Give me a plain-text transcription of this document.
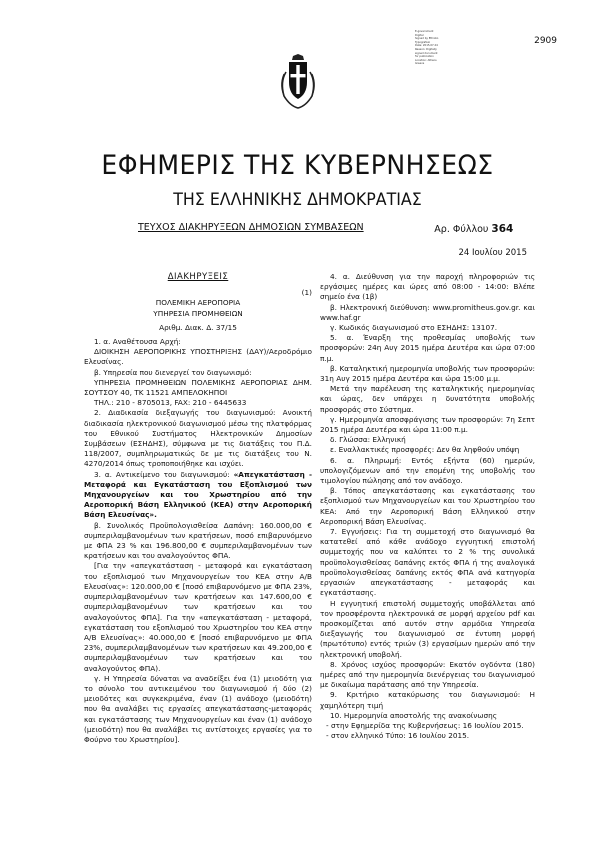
E-government
Digital
Signed by Ethniko
Typografeio
Date: 2015.07.24
Reason: Digitally
signed document
for publication
Location: Athens
Greece
2909
ΕΦΗΜΕΡΙΣ ΤΗΣ ΚΥΒΕΡΝΗΣΕΩΣ
ΤΗΣ ΕΛΛΗΝΙΚΗΣ ΔΗΜΟΚΡΑΤΙΑΣ
ΤΕΥΧΟΣ ΔΙΑΚΗΡΥΞΕΩΝ ΔΗΜΟΣΙΩΝ ΣΥΜΒΑΣΕΩΝ	Αρ. Φύλλου 364
24 Ιουλίου 2015

ΔΙΑΚΗΡΥΞΕΙΣ

(1)

ΠΟΛΕΜΙΚΗ ΑΕΡΟΠΟΡΙΑ

ΥΠΗΡΕΣΙΑ ΠΡΟΜΗΘΕΙΩΝ

Αριθμ. Διακ. Δ. 37/15

1. α. Αναθέτουσα Αρχή:

ΔΙΟΙΚΗΣΗ ΑΕΡΟΠΟΡΙΚΗΣ ΥΠΟΣΤΗΡΙΞΗΣ (ΔΑΥ)/Αεροδρόμιο Ελευσίνας.

β. Υπηρεσία που διενεργεί τον διαγωνισμό:

ΥΠΗΡΕΣΙΑ ΠΡΟΜΗΘΕΙΩΝ ΠΟΛΕΜΙΚΗΣ ΑΕΡΟΠΟΡΙΑΣ ΔΗΜ. ΣΟΥΤΣΟΥ 40, ΤΚ 11521 ΑΜΠΕΛΟΚΗΠΟΙ

ΤΗΛ.: 210 - 8705013, FAX: 210 - 6445633

2. Διαδικασία διεξαγωγής του διαγωνισμού: Ανοικτή διαδικασία ηλεκτρονικού διαγωνισμού μέσω της πλατφόρμας του Εθνικού Συστήματος Ηλεκτρονικών Δημοσίων Συμβάσεων (ΕΣΗΔΗΣ), σύμφωνα με τις διατάξεις του Π.Δ. 118/2007, συμπληρωματικώς δε με τις διατάξεις του Ν. 4270/2014 όπως τροποποιήθηκε και ισχύει.

3. α. Αντικείμενο του διαγωνισμού: «Απεγκατάσταση - Μεταφορά και Εγκατάσταση του Εξοπλισμού των Μηχανουργείων και του Χρωστηρίου από την Αεροπορική Βάση Ελληνικού (ΚΕΑ) στην Αεροπορική Βάση Ελευσίνας».

β. Συνολικός Προϋπολογισθείσα Δαπάνη: 160.000,00 € συμπεριλαμβανομένων των κρατήσεων, ποσό επιβαρυνόμενο με ΦΠΑ 23 % και 196.800,00 € συμπεριλαμβανομένων των κρατήσεων και του αναλογούντος ΦΠΑ.

[Για την «απεγκατάσταση - μεταφορά και εγκατάσταση του εξοπλισμού των Μηχανουργείων του ΚΕΑ στην Α/Β Ελευσίνας»: 120.000,00 € [ποσό επιβαρυνόμενο με ΦΠΑ 23%, συμπεριλαμβανομένων των κρατήσεων και 147.600,00 € συμπεριλαμβανομένων των κρατήσεων και του αναλογούντος ΦΠΑ]. Για την «απεγκατάσταση - μεταφορά, εγκατάσταση του εξοπλισμού του Χρωστηρίου του ΚΕΑ στην Α/Β Ελευσίνας»: 40.000,00 € [ποσό επιβαρυνόμενο με ΦΠΑ 23%, συμπεριλαμβανομένων των κρατήσεων και 49.200,00 € συμπεριλαμβανομένων των κρατήσεων και του αναλογούντος ΦΠΑ).

γ. Η Υπηρεσία δύναται να αναδείξει ένα (1) μειοδότη για το σύνολο του αντικειμένου του διαγωνισμού ή δύο (2) μειοδότες και συγκεκριμένα, έναν (1) ανάδοχο (μειοδότη) που θα αναλάβει τις εργασίες απεγκατάστασης-μεταφοράς και εγκατάστασης των Μηχανουργείων και έναν (1) ανάδοχο (μειοδότη) που θα αναλάβει τις αντίστοιχες εργασίες για το Φούρνο του Χρωστηρίου].

4. α. Διεύθυνση για την παροχή πληροφοριών τις εργάσιμες ημέρες και ώρες από 08:00 - 14:00: Βλέπε σημείο ένα (1β)

β. Ηλεκτρονική διεύθυνση: www.promitheus.gov.gr. και www.haf.gr

γ. Κωδικός διαγωνισμού στο ΕΣΗΔΗΣ: 13107.

5. α. Έναρξη της προθεσμίας υποβολής των προσφορών: 24η Αυγ 2015 ημέρα Δευτέρα και ώρα 07:00 π.μ.

β. Καταληκτική ημερομηνία υποβολής των προσφορών: 31η Αυγ 2015 ημέρα Δευτέρα και ώρα 15:00 μ.μ.

Μετά την παρέλευση της καταληκτικής ημερομηνίας και ώρας, δεν υπάρχει η δυνατότητα υποβολής προσφοράς στο Σύστημα.

γ. Ημερομηνία αποσφράγισης των προσφορών: 7η Σεπτ 2015 ημέρα Δευτέρα και ώρα 11:00 π.μ.

δ. Γλώσσα: Ελληνική

ε. Εναλλακτικές προσφορές: Δεν θα ληφθούν υπόψη

6. α. Πληρωμή: Εντός εξήντα (60) ημερών, υπολογιζόμενων από την επομένη της υποβολής του τιμολογίου πώλησης από τον ανάδοχο.

β. Τόπος απεγκατάστασης και εγκατάστασης του εξοπλισμού των Μηχανουργείων και του Χρωστηρίου του ΚΕΑ: Από την Αεροπορική Βάση Ελληνικού στην Αεροπορική Βάση Ελευσίνας.

7. Εγγυήσεις: Για τη συμμετοχή στο διαγωνισμό θα κατατεθεί από κάθε ανάδοχο εγγυητική επιστολή συμμετοχής που να καλύπτει το 2 % της συνολικά προϋπολογισθείσας δαπάνης εκτός ΦΠΑ ή της αναλογικά προϋπολογισθείσας δαπάνης εκτός ΦΠΑ ανά κατηγορία εργασιών απεγκατάστασης - μεταφοράς και εγκατάστασης.

Η εγγυητική επιστολή συμμετοχής υποβάλλεται από τον προσφέροντα ηλεκτρονικά σε μορφή αρχείου pdf και προσκομίζεται από αυτόν στην αρμόδια Υπηρεσία διεξαγωγής του διαγωνισμού σε έντυπη μορφή (πρωτότυπο) εντός τριών (3) εργασίμων ημερών από την ηλεκτρονική υποβολή.

8. Χρόνος ισχύος προσφορών: Εκατόν ογδόντα (180) ημέρες από την ημερομηνία διενέργειας του διαγωνισμού με δικαίωμα παράτασης από την Υπηρεσία.

9. Κριτήριο κατακύρωσης του διαγωνισμού: Η χαμηλότερη τιμή

10. Ημερομηνία αποστολής της ανακοίνωσης

- στην Εφημερίδα της Κυβερνήσεως: 16 Ιουλίου 2015.

- στον ελληνικό Τύπο: 16 Ιουλίου 2015.
